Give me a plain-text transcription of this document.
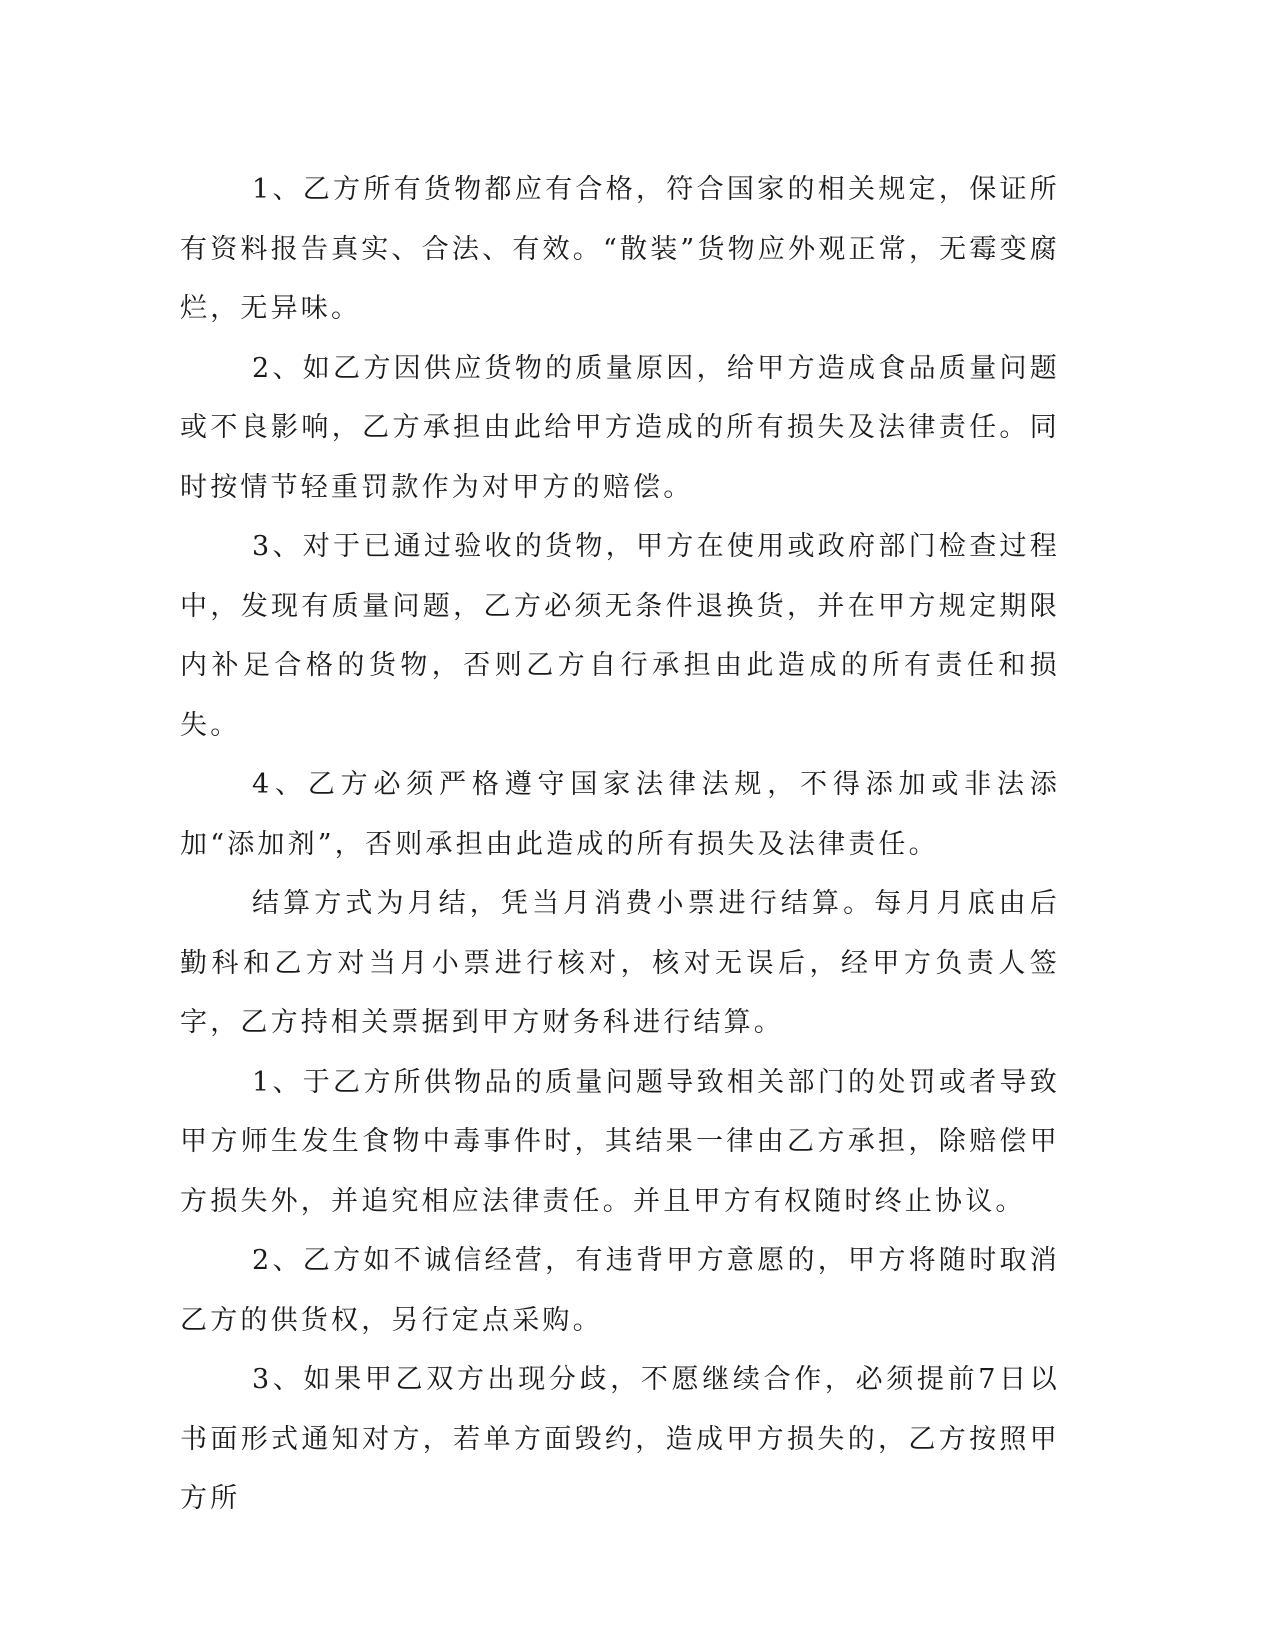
1、乙方所有货物都应有合格，符合国家的相关规定，保证所有资料报告真实、合法、有效。“散装”货物应外观正常，无霉变腐烂，无异味。

2、如乙方因供应货物的质量原因，给甲方造成食品质量问题或不良影响，乙方承担由此给甲方造成的所有损失及法律责任。同时按情节轻重罚款作为对甲方的赔偿。

3、对于已通过验收的货物，甲方在使用或政府部门检查过程中，发现有质量问题，乙方必须无条件退换货，并在甲方规定期限内补足合格的货物，否则乙方自行承担由此造成的所有责任和损失。

4、乙方必须严格遵守国家法律法规，不得添加或非法添加“添加剂”，否则承担由此造成的所有损失及法律责任。

结算方式为月结，凭当月消费小票进行结算。每月月底由后勤科和乙方对当月小票进行核对，核对无误后，经甲方负责人签字，乙方持相关票据到甲方财务科进行结算。

1、于乙方所供物品的质量问题导致相关部门的处罚或者导致甲方师生发生食物中毒事件时，其结果一律由乙方承担，除赔偿甲方损失外，并追究相应法律责任。并且甲方有权随时终止协议。

2、乙方如不诚信经营，有违背甲方意愿的，甲方将随时取消乙方的供货权，另行定点采购。

3、如果甲乙双方出现分歧，不愿继续合作，必须提前7日以书面形式通知对方，若单方面毁约，造成甲方损失的，乙方按照甲方所
